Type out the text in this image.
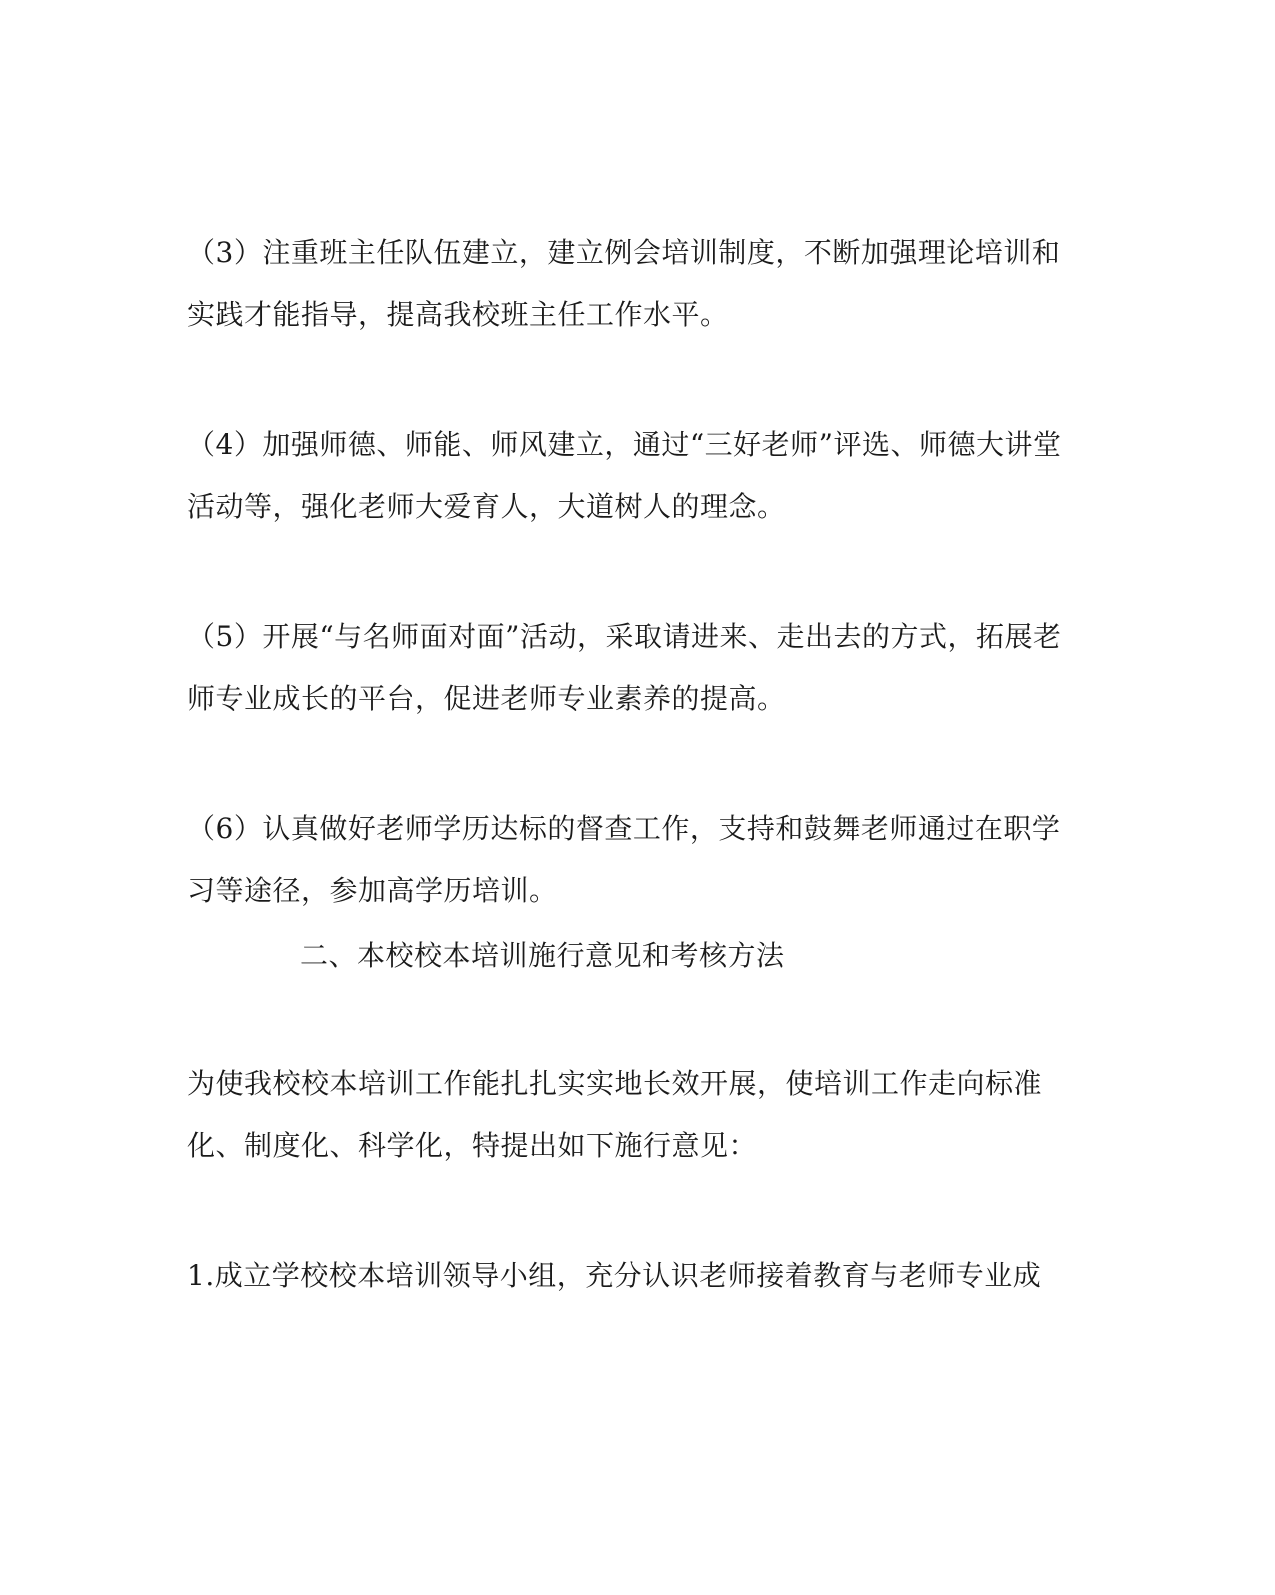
（3）注重班主任队伍建立，建立例会培训制度，不断加强理论培训和
实践才能指导，提高我校班主任工作水平。
（4）加强师德、师能、师风建立，通过“三好老师”评选、师德大讲堂
活动等，强化老师大爱育人，大道树人的理念。
（5）开展“与名师面对面”活动，采取请进来、走出去的方式，拓展老
师专业成长的平台，促进老师专业素养的提高。
（6）认真做好老师学历达标的督查工作，支持和鼓舞老师通过在职学
习等途径，参加高学历培训。
二、本校校本培训施行意见和考核方法
为使我校校本培训工作能扎扎实实地长效开展，使培训工作走向标准
化、制度化、科学化，特提出如下施行意见：
1.成立学校校本培训领导小组，充分认识老师接着教育与老师专业成
